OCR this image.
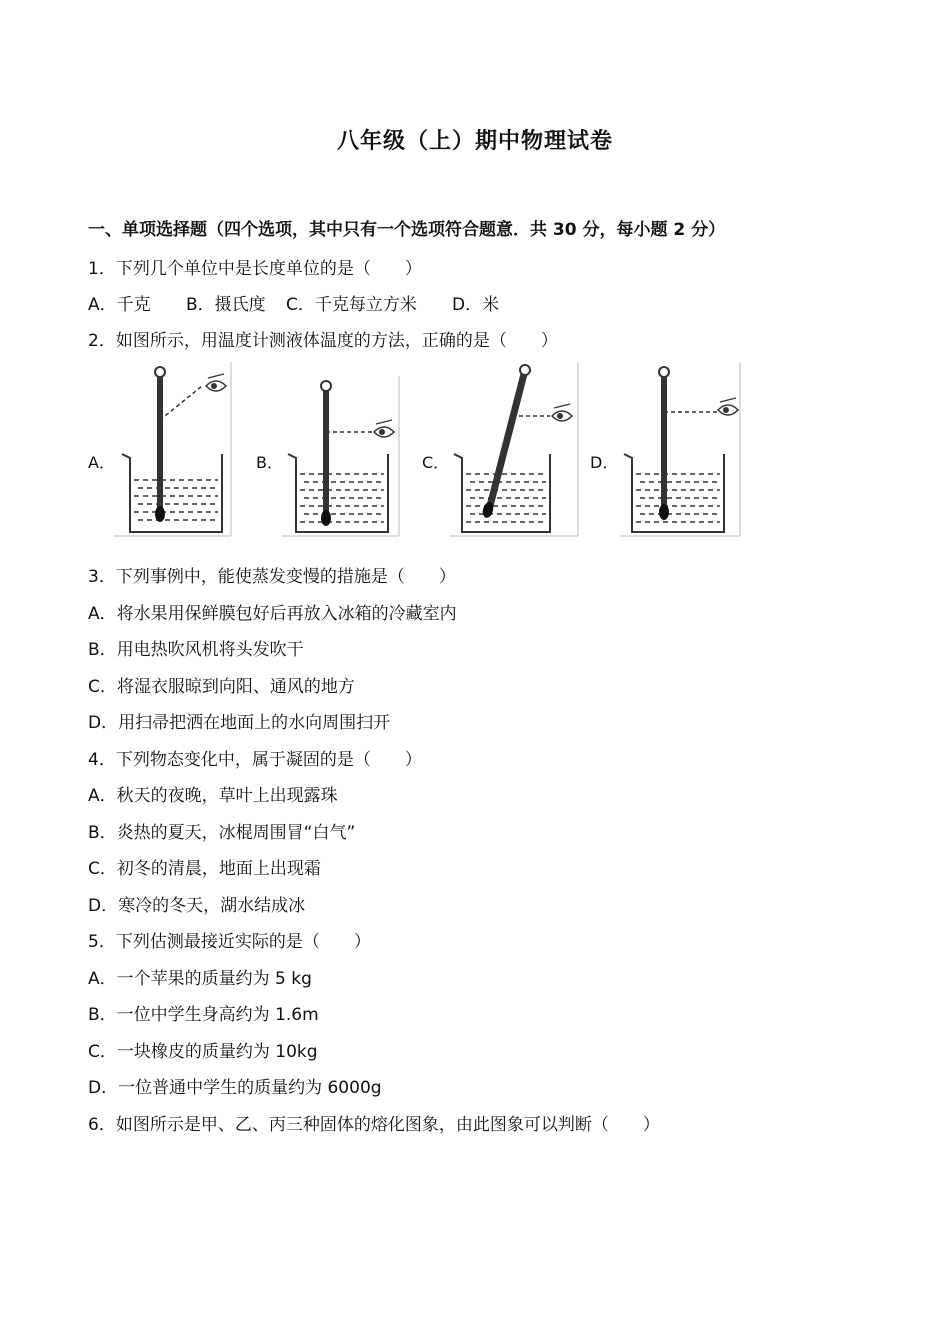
八年级（上）期中物理试卷
一、单项选择题（四个选项，其中只有一个选项符合题意．共 30 分，每小题 2 分）
1．下列几个单位中是长度单位的是（　　）
A．千克 B．摄氏度 C．千克每立方米 D．米
2．如图所示，用温度计测液体温度的方法，正确的是（　　）
A．	B．	C．	D．
3．下列事例中，能使蒸发变慢的措施是（　　）
A．将水果用保鲜膜包好后再放入冰箱的冷藏室内
B．用电热吹风机将头发吹干
C．将湿衣服晾到向阳、通风的地方
D．用扫帚把洒在地面上的水向周围扫开
4．下列物态变化中，属于凝固的是（　　）
A．秋天的夜晚，草叶上出现露珠
B．炎热的夏天，冰棍周围冒“白气”
C．初冬的清晨，地面上出现霜
D．寒冷的冬天，湖水结成冰
5．下列估测最接近实际的是（　　）
A．一个苹果的质量约为 5 kg
B．一位中学生身高约为 1.6m
C．一块橡皮的质量约为 10kg
D．一位普通中学生的质量约为 6000g
6．如图所示是甲、乙、丙三种固体的熔化图象，由此图象可以判断（　　）
